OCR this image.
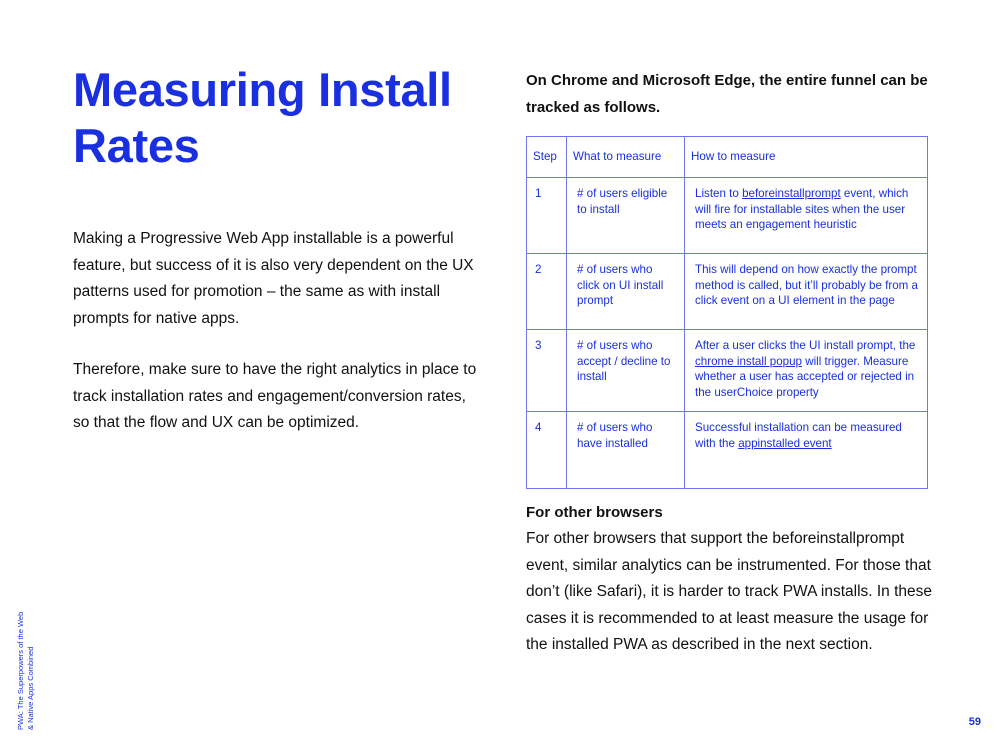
Measuring Install Rates

Making a Progressive Web App installable is a powerful feature, but success of it is also very dependent on the UX patterns used for promotion – the same as with install prompts for native apps.

Therefore, make sure to have the right analytics in place to track installation rates and engagement/conversion rates, so that the flow and UX can be optimized.

On Chrome and Microsoft Edge, the entire funnel can be tracked as follows.

Step	What to measure	How to measure

1	# of users eligible to install	Listen to beforeinstallprompt event, which will fire for installable sites when the user meets an engagement heuristic

2	# of users who click on UI install prompt	This will depend on how exactly the prompt method is called, but it’ll probably be from a click event on a UI element in the page

3	# of users who accept / decline to install	After a user clicks the UI install prompt, the chrome install popup will trigger. Measure whether a user has accepted or rejected in the userChoice property

4	# of users who have installed	Successful installation can be measured with the appinstalled event

For other browsers

For other browsers that support the beforeinstallprompt event, similar analytics can be instrumented. For those that don’t (like Safari), it is harder to track PWA installs. In these cases it is recommended to at least measure the usage for the installed PWA as described in the next section.

PWA: The Superpowers of the Web & Native Apps Combined	59
